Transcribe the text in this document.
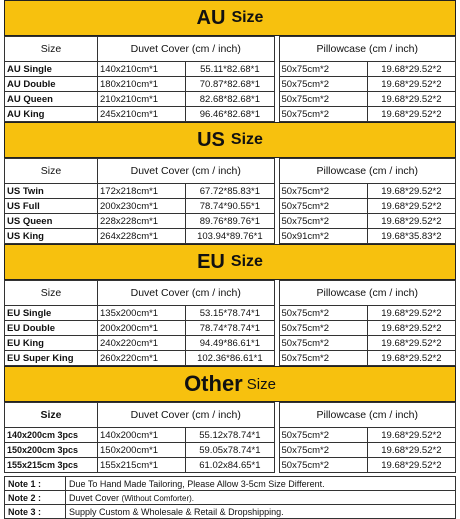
AU Size
Size	Duvet Cover (cm / inch)			Pillowcase (cm / inch)	
AU Single	140x210cm*1	55.11*82.68*1		50x75cm*2	19.68*29.52*2
AU Double	180x210cm*1	70.87*82.68*1		50x75cm*2	19.68*29.52*2
AU Queen	210x210cm*1	82.68*82.68*1		50x75cm*2	19.68*29.52*2
AU King	245x210cm*1	96.46*82.68*1		50x75cm*2	19.68*29.52*2
US Size
Size	Duvet Cover (cm / inch)			Pillowcase (cm / inch)	
US Twin	172x218cm*1	67.72*85.83*1		50x75cm*2	19.68*29.52*2
US Full	200x230cm*1	78.74*90.55*1		50x75cm*2	19.68*29.52*2
US Queen	228x228cm*1	89.76*89.76*1		50x75cm*2	19.68*29.52*2
US King	264x228cm*1	103.94*89.76*1		50x91cm*2	19.68*35.83*2
EU Size
Size	Duvet Cover (cm / inch)			Pillowcase (cm / inch)	
EU Single	135x200cm*1	53.15*78.74*1		50x75cm*2	19.68*29.52*2
EU Double	200x200cm*1	78.74*78.74*1		50x75cm*2	19.68*29.52*2
EU King	240x220cm*1	94.49*86.61*1		50x75cm*2	19.68*29.52*2
EU Super King	260x220cm*1	102.36*86.61*1		50x75cm*2	19.68*29.52*2
Other Size
Size	Duvet Cover (cm / inch)			Pillowcase (cm / inch)	
140x200cm 3pcs	140x200cm*1	55.12x78.74*1		50x75cm*2	19.68*29.52*2
150x200cm 3pcs	150x200cm*1	59.05x78.74*1		50x75cm*2	19.68*29.52*2
155x215cm 3pcs	155x215cm*1	61.02x84.65*1		50x75cm*2	19.68*29.52*2
Note 1 :	Due To Hand Made Tailoring, Please Allow 3-5cm Size Different.
Note 2 :	Duvet Cover (Without Comforter).
Note 3 :	Supply Custom & Wholesale & Retail & Dropshipping.
